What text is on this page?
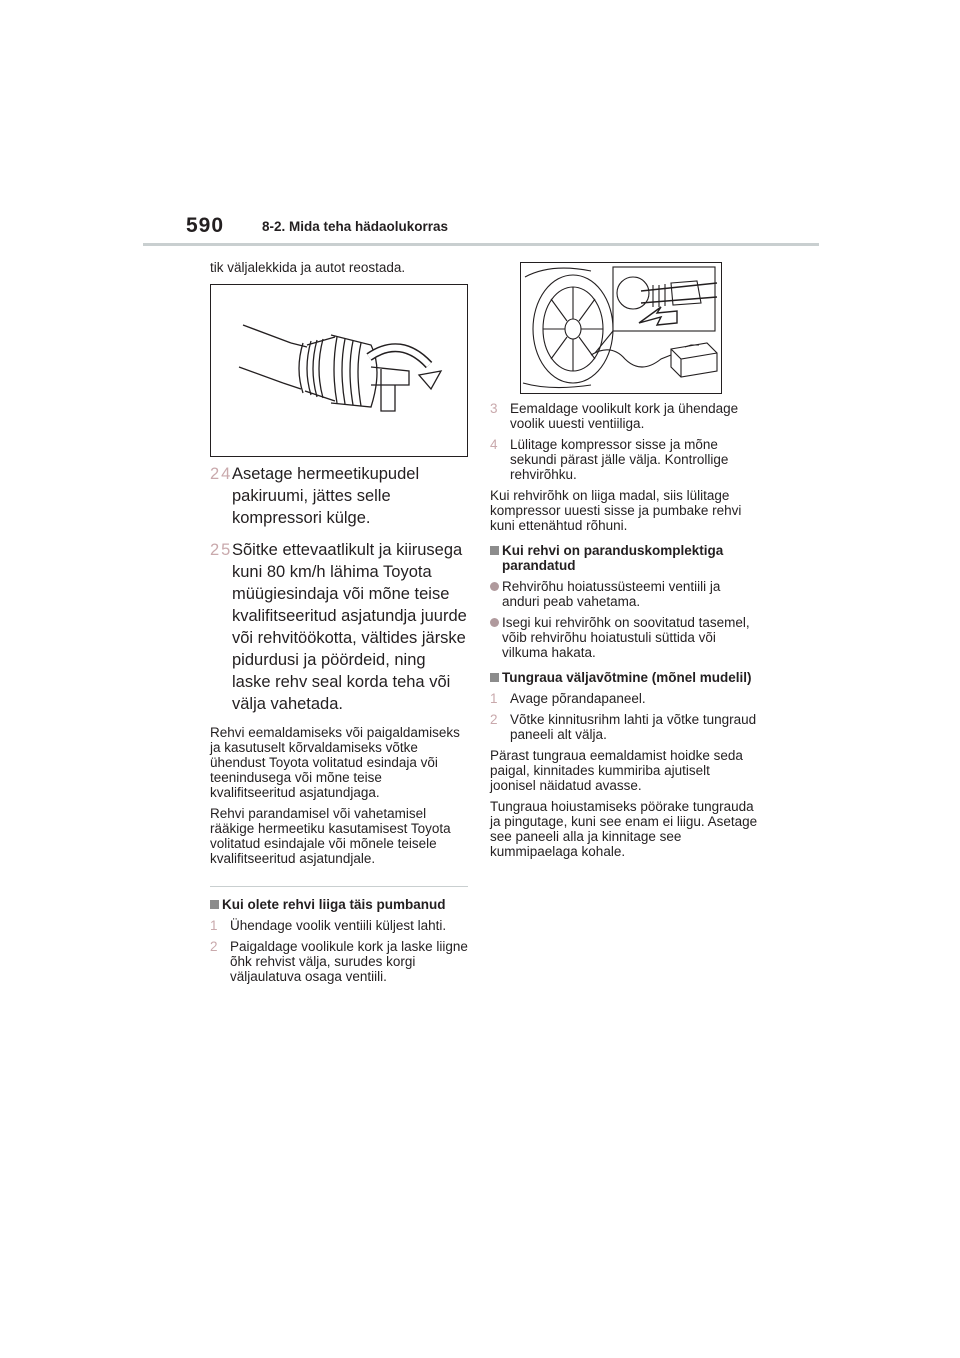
590	8-2. Mida teha hädaolukorras

tik väljalekkida ja autot reostada.

24 Asetage hermeetikupudel pakiruumi, jättes selle kompressori külge.
25 Sõitke ettevaatlikult ja kiirusega kuni 80 km/h lähima Toyota müügiesindaja või mõne teise kvalifitseeritud asjatundja juurde või rehvitöökotta, vältides järske pidurdusi ja pöördeid, ning laske rehv seal korda teha või välja vahetada.

Rehvi eemaldamiseks või paigaldamiseks ja kasutuselt kõrvaldamiseks võtke ühendust Toyota volitatud esindaja või teenindusega või mõne teise kvalifitseeritud asjatundjaga.

Rehvi parandamisel või vahetamisel rääkige hermeetiku kasutamisest Toyota volitatud esindajale või mõnele teisele kvalifitseeritud asjatundjale.

Kui olete rehvi liiga täis pumbanud
1 Ühendage voolik ventiili küljest lahti.
2 Paigaldage voolikule kork ja laske liigne õhk rehvist välja, surudes korgi väljaulatuva osaga ventiili.
3 Eemaldage voolikult kork ja ühendage voolik uuesti ventiiliga.
4 Lülitage kompressor sisse ja mõne sekundi pärast jälle välja. Kontrollige rehvirõhku.

Kui rehvirõhk on liiga madal, siis lülitage kompressor uuesti sisse ja pumbake rehvi kuni ettenähtud rõhuni.

Kui rehvi on paranduskomplektiga parandatud
Rehvirõhu hoiatussüsteemi ventiili ja anduri peab vahetama.
Isegi kui rehvirõhk on soovitatud tasemel, võib rehvirõhu hoiatustuli süttida või vilkuma hakata.
Tungraua väljavõtmine (mõnel mudelil)
1 Avage põrandapaneel.
2 Võtke kinnitusrihm lahti ja võtke tungraud paneeli alt välja.

Pärast tungraua eemaldamist hoidke seda paigal, kinnitades kummiriba ajutiselt joonisel näidatud avasse.

Tungraua hoiustamiseks pöörake tungrauda ja pingutage, kuni see enam ei liigu. Asetage see paneeli alla ja kinnitage see kummipaelaga kohale.
